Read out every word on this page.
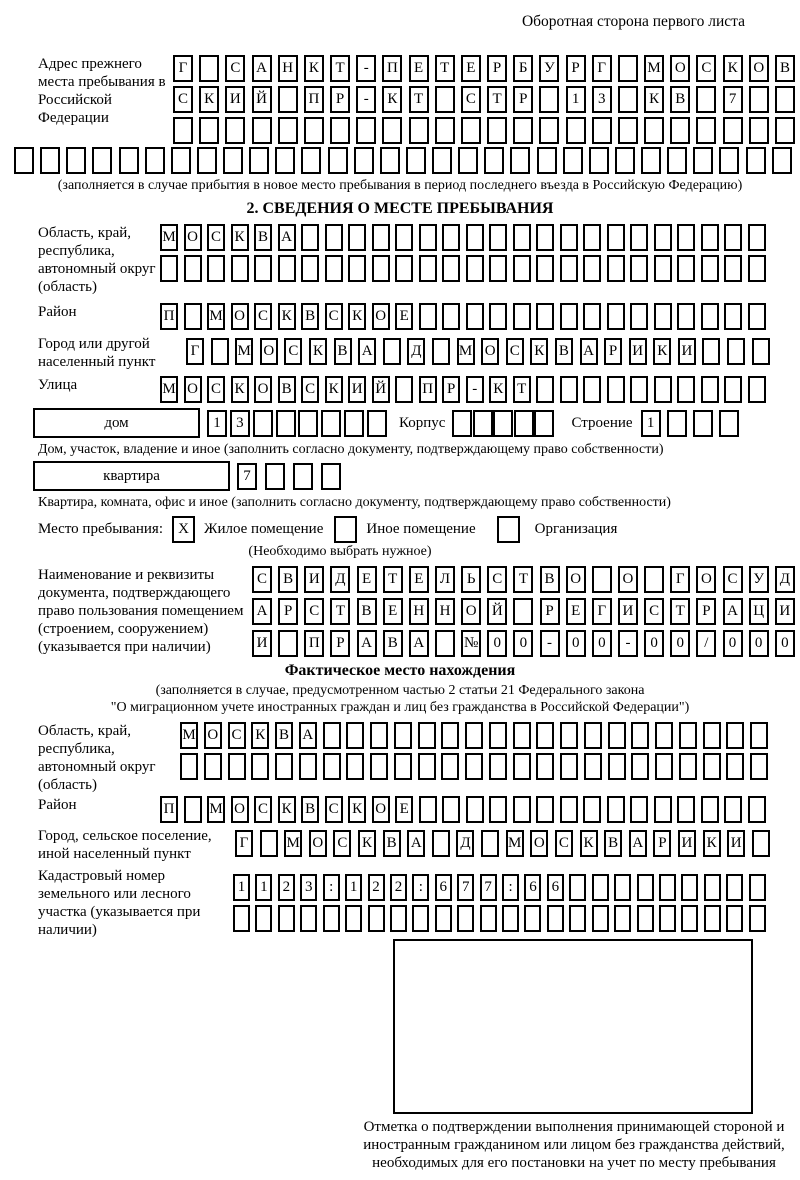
Оборотная сторона первого листа
Адрес прежнего места пребывания в Российской Федерации
Г	С	А	Н	К	Т	-	П	Е	Т	Е	Р	Б	У	Р	Г	М О	С	К	О	В
С	К	И	Й	П	Р	-	К	Т	С	Т	Р	1	3	К	В	7
(заполняется в случае прибытия в новое место пребывания в период последнего въезда в Российскую Федерацию)
2. СВЕДЕНИЯ О МЕСТЕ ПРЕБЫВАНИЯ
Область, край, республика, автономный округ (область)
М О С К В А
Район	П М О С К В С К О Е
Город или другой населенный пункт
Г	М О С К В А	Д М О С К В А	Р	И К И
Улица	М О С К О В С К И Й П Р	-	К Т
дом	1	3	Корпус	Строение 1
Дом, участок, владение и иное (заполнить согласно документу, подтверждающему право собственности)
квартира	7
Квартира, комната, офис и иное (заполнить согласно документу, подтверждающему право собственности)
Место пребывания:	X	Жилое помещение	Иное помещение	Организация
(Необходимо выбрать нужное)
Наименование и реквизиты документа, подтверждающего право пользования помещением (строением, сооружением) (указывается при наличии)
С	В	И	Д	Е	Т	Е	Л	Ь	С	Т	В	О	О	Г	О	С	У	Д
А	Р	С	Т	В	Е	Н	Н	О	Й	Р	Е	Г	И	С	Т	Р	А	Ц	И
И	П	Р	А	В	А	№	0	0	-	0	0	-	0	0	/	0	0	0
Фактическое место нахождения
(заполняется в случае, предусмотренном частью 2 статьи 21 Федерального закона
"О миграционном учете иностранных граждан и лиц без гражданства в Российской Федерации")
Область, край, республика, автономный округ (область)
М О С К В А
Район	П М О С К В С К О Е
Город, сельское поселение, иной населенный пункт
Г	М О С К В А	Д М О С К В А	Р	И К И
Кадастровый номер земельного или лесного участка (указывается при наличии)
1 1 2 3	:	1 2 2	:	6 7 7	:	6 6
Отметка о подтверждении выполнения принимающей стороной и иностранным гражданином или лицом без гражданства действий, необходимых для его постановки на учет по месту пребывания
